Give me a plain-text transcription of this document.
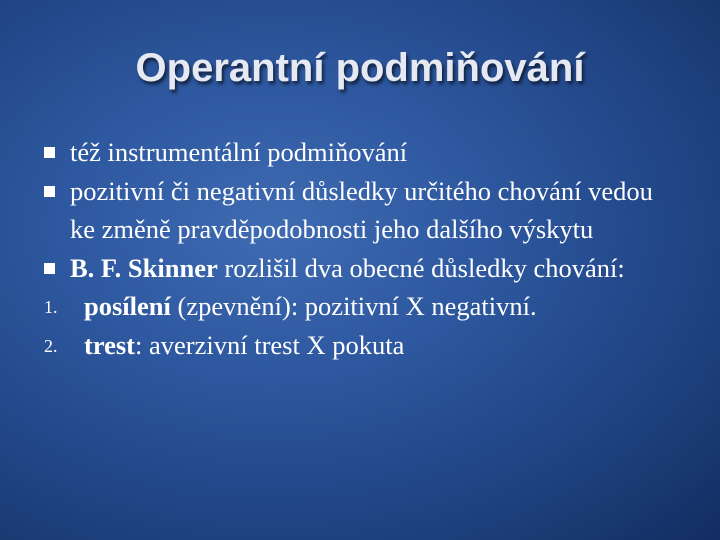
Operantní podmiňování
též instrumentální podmiňování
pozitivní či negativní důsledky určitého chování vedou ke změně pravděpodobnosti jeho dalšího výskytu
B. F. Skinner rozlišil dva obecné důsledky chování:
1. posílení (zpevnění): pozitivní X negativní.
2. trest: averzivní trest X pokuta
